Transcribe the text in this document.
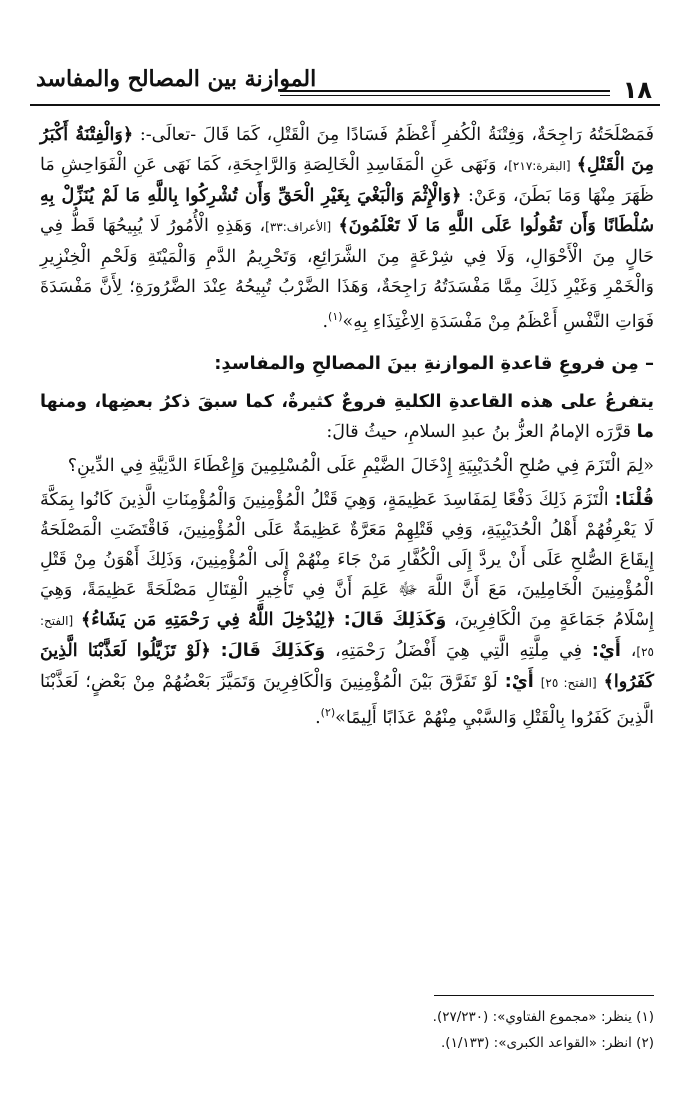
١٨
الموازنة بين المصالح والمفاسد

فَمَصْلَحَتُهُ رَاجِحَةٌ، وَفِتْنَةُ الْكُفرِ أَعْظَمُ فَسَادًا مِنَ الْقَتْلِ، كَمَا قَالَ -تعالَى-: ﴿وَالْفِتْنَةُ أَكْبَرُ مِنَ الْقَتْلِ﴾ [البقرة:٢١٧]، وَنَهَى عَنِ الْمَفَاسِدِ الْخَالِصَةِ وَالرَّاجِحَةِ، كَمَا نَهَى عَنِ الْفَوَاحِشِ مَا ظَهَرَ مِنْهَا وَمَا بَطَنَ، وَعَنْ: ﴿وَالْإِثْمَ وَالْبَغْيَ بِغَيْرِ الْحَقِّ وَأَن تُشْرِكُوا بِاللَّهِ مَا لَمْ يُنَزِّلْ بِهِ سُلْطَانًا وَأَن تَقُولُوا عَلَى اللَّهِ مَا لَا تَعْلَمُونَ﴾ [الأعراف:٣٣]، وَهَذِهِ الْأُمُورُ لَا يُبِيحُهَا قَطُّ فِي حَالٍ مِنَ الْأَحْوَالِ، وَلَا فِي شِرْعَةٍ مِنَ الشَّرَائِعِ، وَتَحْرِيمُ الدَّمِ وَالْمَيْتَةِ وَلَحْمِ الْخِنْزِيرِ وَالْخَمْرِ وَغَيْرِ ذَلِكَ مِمَّا مَفْسَدَتُهُ رَاجِحَةٌ، وَهَذَا الضَّرْبُ تُبِيحُهُ عِنْدَ الضَّرُورَةِ؛ لِأَنَّ مَفْسَدَةَ فَوَاتِ النَّفْسِ أَعْظَمُ مِنْ مَفْسَدَةِ الِاغْتِذَاءِ بِهِ»$^{(١)}$.

– مِن فروعِ قاعدةِ الموازنةِ بينَ المصالحِ والمفاسدِ:

يتفرعُ على هذه القاعدةِ الكليةِ فروعٌ كثيرةٌ، كما سبقَ ذكرُ بعضِها، ومنها ما قرَّرَه الإمامُ العزُّ بنُ عبدِ السلامِ، حيثُ قالَ:

«لِمَ الْتَزَمَ فِي صُلحِ الْحُدَيْبِيَةِ إِدْخَالَ الضَّيْمِ عَلَى الْمُسْلِمِينَ وَإِعْطَاءَ الدَّنِيَّةِ فِي الدِّينِ؟

قُلْنَا: الْتَزَمَ ذَلِكَ دَفْعًا لِمَفَاسِدَ عَظِيمَةٍ، وَهِيَ قَتْلُ الْمُؤْمِنِينَ وَالْمُؤْمِنَاتِ الَّذِينَ كَانُوا بِمَكَّةَ لَا يَعْرِفُهُمْ أَهْلُ الْحُدَيْبِيَةِ، وَفِي قَتْلِهِمْ مَعَرَّةٌ عَظِيمَةٌ عَلَى الْمُؤْمِنِينَ، فَاقْتَضَتِ الْمَصْلَحَةُ إِيقَاعَ الصُّلحِ عَلَى أَنْ يردَّ إِلَى الْكُفَّارِ مَنْ جَاءَ مِنْهُمْ إِلَى الْمُؤْمِنِينَ، وَذَلِكَ أَهْوَنُ مِنْ قَتْلِ الْمُؤْمِنِينَ الْخَامِلِينَ، مَعَ أَنَّ اللَّهَ ﷻ عَلِمَ أَنَّ فِي تَأْخِيرِ الْقِتَالِ مَصْلَحَةً عَظِيمَةً، وَهِيَ إِسْلَامُ جَمَاعَةٍ مِنَ الْكَافِرِينَ، وَكَذَلِكَ قَالَ: ﴿لِيُدْخِلَ اللَّهُ فِي رَحْمَتِهِ مَن يَشَاءُ﴾ [الفتح: ٢٥]، أَيْ: فِي مِلَّتِهِ الَّتِي هِيَ أَفْضَلُ رَحْمَتِهِ، وَكَذَلِكَ قَالَ: ﴿لَوْ تَزَيَّلُوا لَعَذَّبْنَا الَّذِينَ كَفَرُوا﴾ [الفتح: ٢٥] أَيْ: لَوْ تَفَرَّقَ بَيْنَ الْمُؤْمِنِينَ وَالْكَافِرِينَ وَتَمَيَّزَ بَعْضُهُمْ مِنْ بَعْضٍ؛ لَعَذَّبْنَا الَّذِينَ كَفَرُوا بِالْقَتْلِ وَالسَّبْيِ مِنْهُمْ عَذَابًا أَلِيمًا»$^{(٢)}$.

(١) ينظر: «مجموع الفتاوي»: (٢٧/٢٣٠).
(٢) انظر: «القواعد الكبرى»: (١/١٣٣).
